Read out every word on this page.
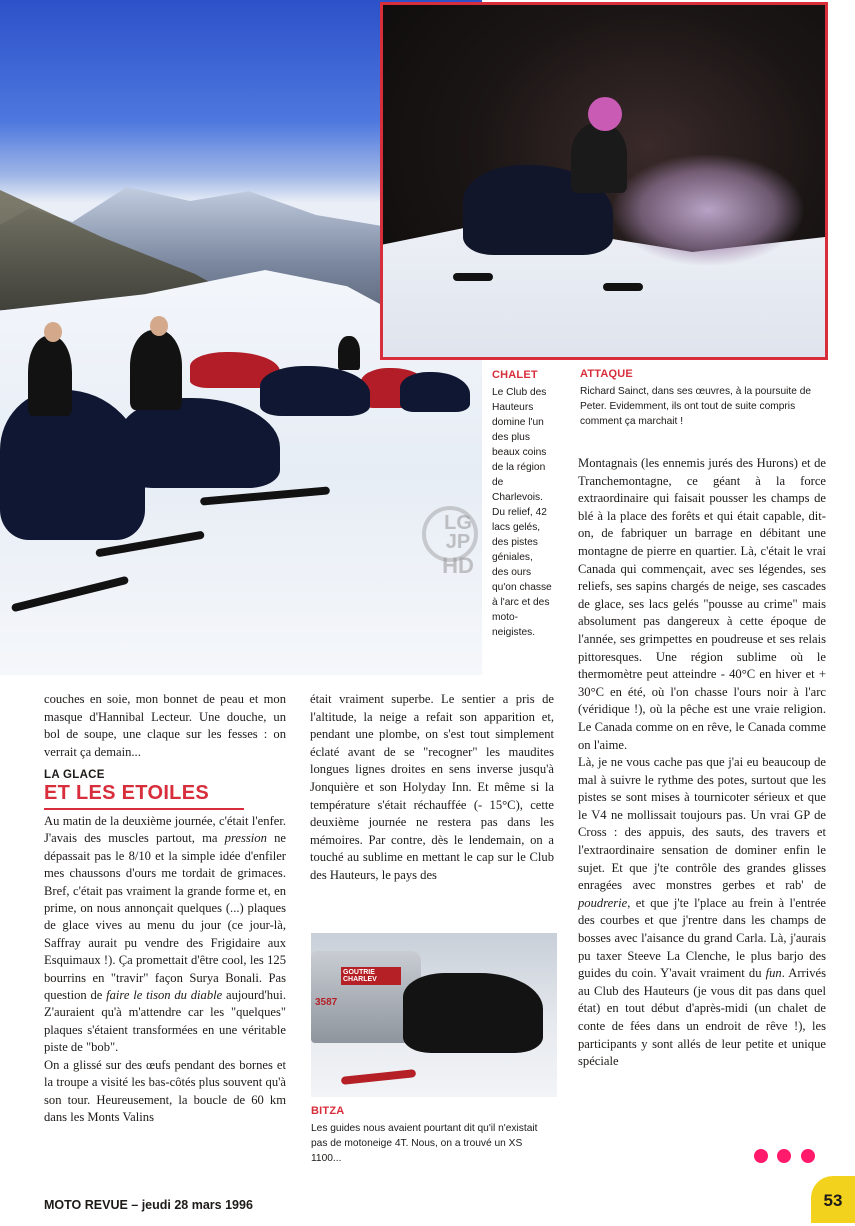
3587
GOUTRIE CHARLEV
LG
JP
HD
CHALET
Le Club des Hauteurs domine l'un des plus beaux coins de la région de Charlevois. Du relief, 42 lacs gelés, des pistes géniales, des ours qu'on chasse à l'arc et des moto-neigistes.
ATTAQUE
Richard Sainct, dans ses œuvres, à la poursuite de Peter. Evidemment, ils ont tout de suite compris comment ça marchait !
BITZA
Les guides nous avaient pourtant dit qu'il n'existait pas de motoneige 4T. Nous, on a trouvé un XS 1100...

Montagnais (les ennemis jurés des Hurons) et de Tranchemontagne, ce géant à la force extraordinaire qui faisait pousser les champs de blé à la place des forêts et qui était capable, dit-on, de fabriquer un barrage en débitant une montagne de pierre en quartier. Là, c'était le vrai Canada qui commençait, avec ses légendes, ses reliefs, ses sapins chargés de neige, ses cascades de glace, ses lacs gelés "pousse au crime" mais absolument pas dangereux à cette époque de l'année, ses grimpettes en poudreuse et ses relais pittoresques. Une région sublime où le thermomètre peut atteindre - 40°C en hiver et + 30°C en été, où l'on chasse l'ours noir à l'arc (véridique !), où la pêche est une vraie religion. Le Canada comme on en rêve, le Canada comme on l'aime.

Là, je ne vous cache pas que j'ai eu beaucoup de mal à suivre le rythme des potes, surtout que les pistes se sont mises à tournicoter sérieux et que le V4 ne mollissait toujours pas. Un vrai GP de Cross : des appuis, des sauts, des travers et l'extraordinaire sensation de dominer enfin le sujet. Et que j'te contrôle des grandes glisses enragées avec monstres gerbes et rab' de poudrerie, et que j'te l'place au frein à l'entrée des courbes et que j'rentre dans les champs de bosses avec l'aisance du grand Carla. Là, j'aurais pu taxer Steeve La Clenche, le plus barjo des guides du coin. Y'avait vraiment du fun. Arrivés au Club des Hauteurs (je vous dit pas dans quel état) en tout début d'après-midi (un chalet de conte de fées dans un endroit de rêve !), les participants y sont allés de leur petite et unique spéciale

couches en soie, mon bonnet de peau et mon masque d'Hannibal Lecteur. Une douche, un bol de soupe, une claque sur les fesses : on verrait ça demain...

LA GLACE
ET LES ETOILES

Au matin de la deuxième journée, c'était l'enfer. J'avais des muscles partout, ma pression ne dépassait pas le 8/10 et la simple idée d'enfiler mes chaussons d'ours me tordait de grimaces. Bref, c'était pas vraiment la grande forme et, en prime, on nous annonçait quelques (...) plaques de glace vives au menu du jour (ce jour-là, Saffray aurait pu vendre des Frigidaire aux Esquimaux !). Ça promettait d'être cool, les 125 bourrins en "travir" façon Surya Bonali. Pas question de faire le tison du diable aujourd'hui. Z'auraient qu'à m'attendre car les "quelques" plaques s'étaient transformées en une véritable piste de "bob".

On a glissé sur des œufs pendant des bornes et la troupe a visité les bas-côtés plus souvent qu'à son tour. Heureusement, la boucle de 60 km dans les Monts Valins

était vraiment superbe. Le sentier a pris de l'altitude, la neige a refait son apparition et, pendant une plombe, on s'est tout simplement éclaté avant de se "recogner" les maudites longues lignes droites en sens inverse jusqu'à Jonquière et son Holyday Inn. Et même si la température s'était réchauffée (- 15°C), cette deuxième journée ne restera pas dans les mémoires. Par contre, dès le lendemain, on a touché au sublime en mettant le cap sur le Club des Hauteurs, le pays des

MOTO REVUE – jeudi 28 mars 1996	53
